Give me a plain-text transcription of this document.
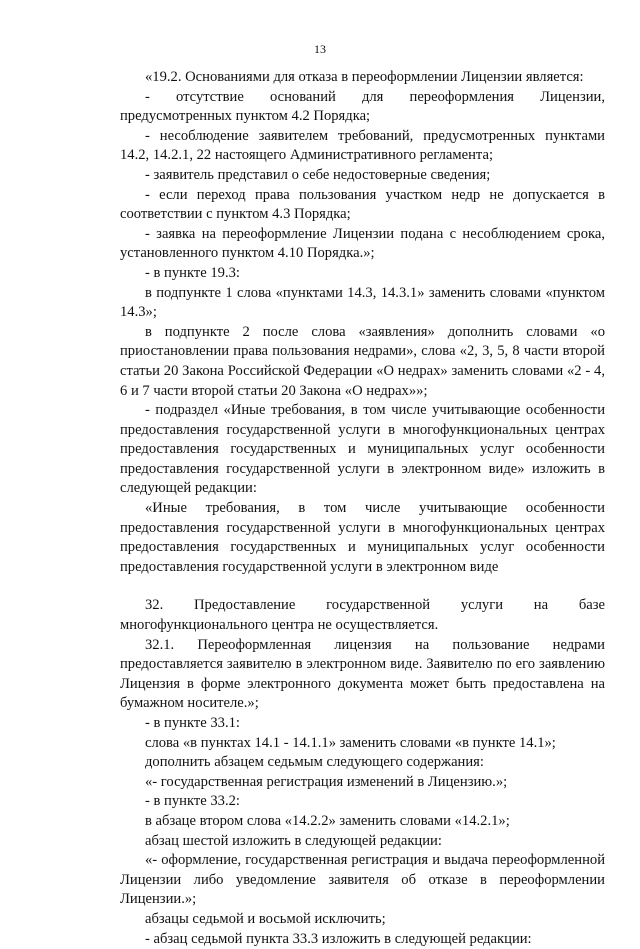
13

«19.2. Основаниями для отказа в переоформлении Лицензии является:

- отсутствие оснований для переоформления Лицензии, предусмотренных пунктом 4.2 Порядка;

- несоблюдение заявителем требований, предусмотренных пунктами 14.2, 14.2.1, 22 настоящего Административного регламента;

- заявитель представил о себе недостоверные сведения;

- если переход права пользования участком недр не допускается в соответствии с пунктом 4.3 Порядка;

- заявка на переоформление Лицензии подана с несоблюдением срока, установленного пунктом 4.10 Порядка.»;

- в пункте 19.3:

в подпункте 1 слова «пунктами 14.3, 14.3.1» заменить словами «пунктом 14.3»;

в подпункте 2 после слова «заявления» дополнить словами «о приостановлении права пользования недрами», слова «2, 3, 5, 8 части второй статьи 20 Закона Российской Федерации «О недрах» заменить словами «2 - 4, 6 и 7 части второй статьи 20 Закона «О недрах»»;

- подраздел «Иные требования, в том числе учитывающие особенности предоставления государственной услуги в многофункциональных центрах предоставления государственных и муниципальных услуг особенности предоставления государственной услуги в электронном виде» изложить в следующей редакции:

«Иные требования, в том числе учитывающие особенности предоставления государственной услуги в многофункциональных центрах предоставления государственных и муниципальных услуг особенности предоставления государственной услуги в электронном виде

32. Предоставление государственной услуги на базе многофункционального центра не осуществляется.

32.1. Переоформленная лицензия на пользование недрами предоставляется заявителю в электронном виде. Заявителю по его заявлению Лицензия в форме электронного документа может быть предоставлена на бумажном носителе.»;

- в пункте 33.1:

слова «в пунктах 14.1 - 14.1.1» заменить словами «в пункте 14.1»;

дополнить абзацем седьмым следующего содержания:

«- государственная регистрация изменений в Лицензию.»;

- в пункте 33.2:

в абзаце втором слова «14.2.2» заменить словами «14.2.1»;

абзац шестой изложить в следующей редакции:

«- оформление, государственная регистрация и выдача переоформленной Лицензии либо уведомление заявителя об отказе в переоформлении Лицензии.»;

абзацы седьмой и восьмой исключить;

- абзац седьмой пункта 33.3 изложить в следующей редакции:
